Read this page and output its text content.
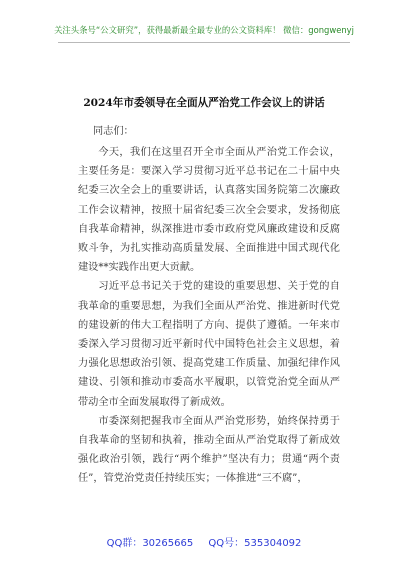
关注头条号“公文研究”，获得最新最全最专业的公文资料库！ 微信：gongwenyj
2024年市委领导在全面从严治党工作会议上的讲话
同志们：

今天，我们在这里召开全市全面从严治党工作会议，主要任务是：要深入学习贯彻习近平总书记在二十届中央纪委三次全会上的重要讲话，认真落实国务院第二次廉政工作会议精神，按照十届省纪委三次全会要求，发扬彻底自我革命精神，纵深推进市委市政府党风廉政建设和反腐败斗争，为扎实推动高质量发展、全面推进中国式现代化建设**实践作出更大贡献。

习近平总书记关于党的建设的重要思想、关于党的自我革命的重要思想，为我们全面从严治党、推进新时代党的建设新的伟大工程指明了方向、提供了遵循。一年来市委深入学习贯彻习近平新时代中国特色社会主义思想，着力强化思想政治引领、提高党建工作质量、加强纪律作风建设、引领和推动市委高水平履职，以管党治党全面从严带动全市全面发展取得了新成效。

市委深刻把握我市全面从严治党形势，始终保持勇于自我革命的坚韧和执着，推动全面从严治党取得了新成效强化政治引领，践行“两个维护”坚决有力；贯通“两个责任”，管党治党责任持续压实；一体推进“三不腐”，

QQ群：30265665 QQ号：535304092
